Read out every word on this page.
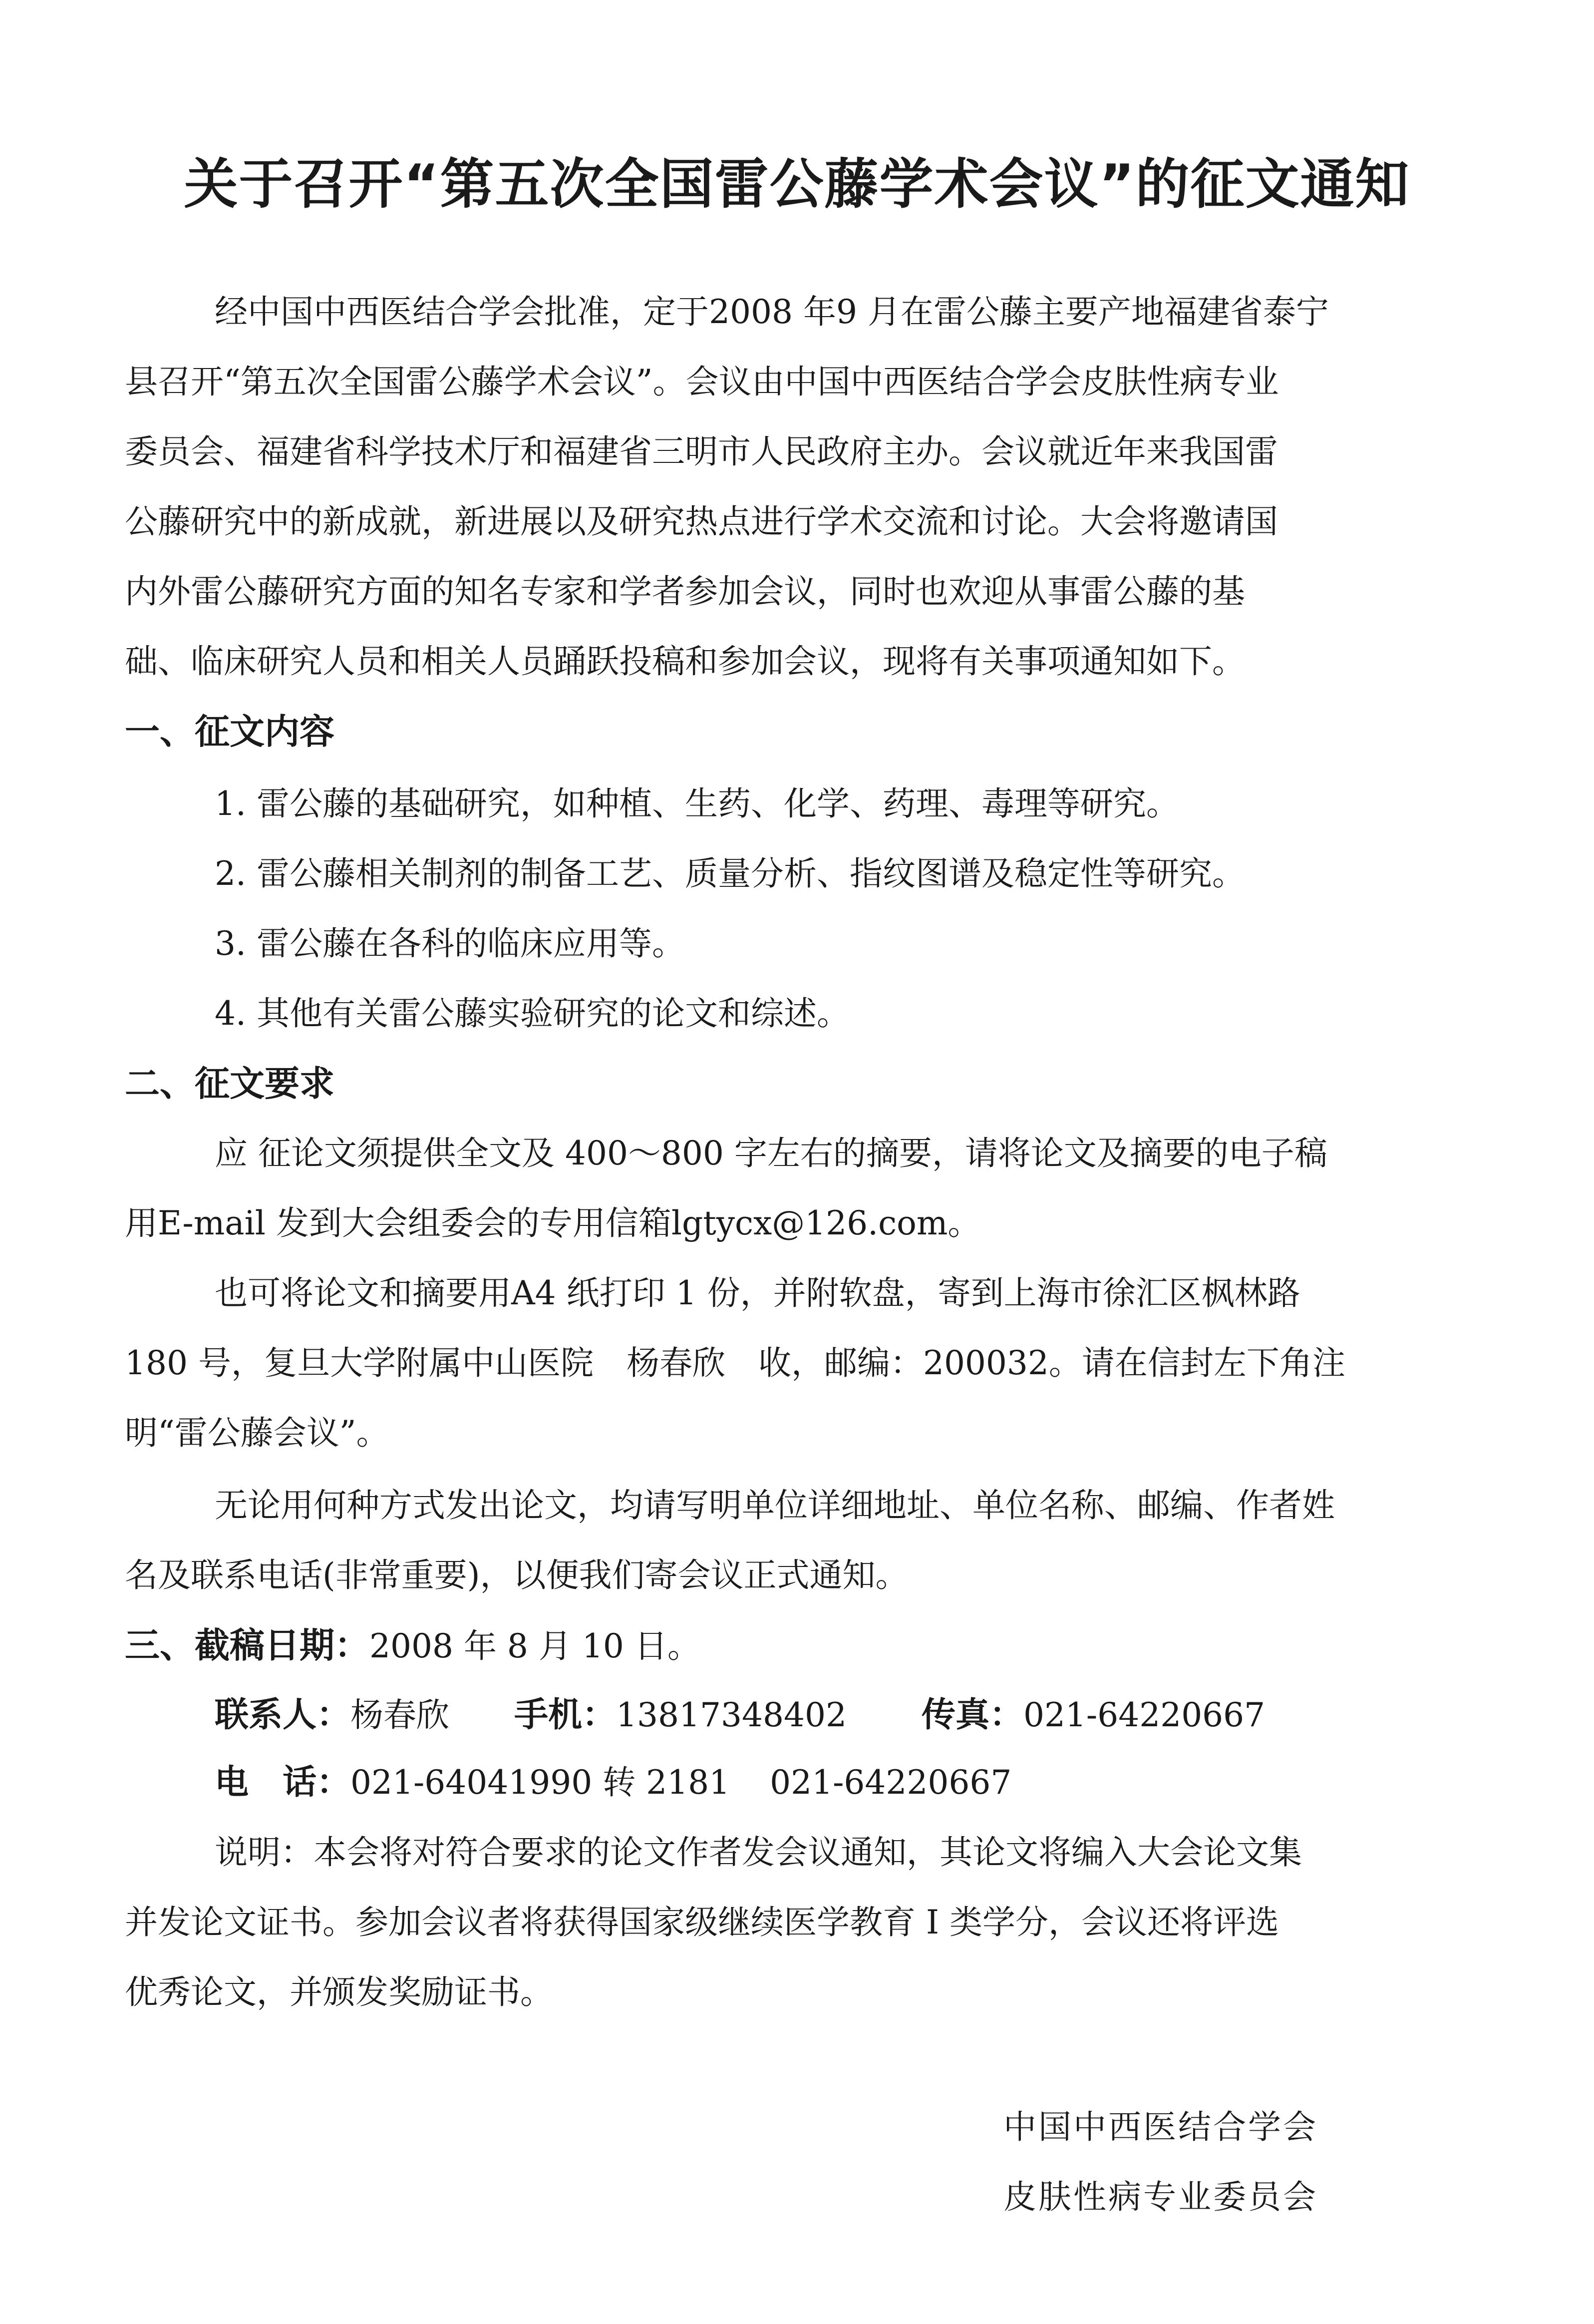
关于召开“第五次全国雷公藤学术会议”的征文通知
经中国中西医结合学会批准，定于2008 年9 月在雷公藤主要产地福建省泰宁
县召开“第五次全国雷公藤学术会议”。会议由中国中西医结合学会皮肤性病专业
委员会、福建省科学技术厅和福建省三明市人民政府主办。会议就近年来我国雷
公藤研究中的新成就，新进展以及研究热点进行学术交流和讨论。大会将邀请国
内外雷公藤研究方面的知名专家和学者参加会议，同时也欢迎从事雷公藤的基
础、临床研究人员和相关人员踊跃投稿和参加会议，现将有关事项通知如下。
一、征文内容
1. 雷公藤的基础研究，如种植、生药、化学、药理、毒理等研究。
2. 雷公藤相关制剂的制备工艺、质量分析、指纹图谱及稳定性等研究。
3. 雷公藤在各科的临床应用等。
4. 其他有关雷公藤实验研究的论文和综述。
二、征文要求
应 征论文须提供全文及 400～800 字左右的摘要，请将论文及摘要的电子稿
用E-mail 发到大会组委会的专用信箱lgtycx@126.com。
也可将论文和摘要用A4 纸打印 1 份，并附软盘，寄到上海市徐汇区枫林路
180 号，复旦大学附属中山医院　杨春欣　收，邮编：200032。请在信封左下角注
明“雷公藤会议”。
无论用何种方式发出论文，均请写明单位详细地址、单位名称、邮编、作者姓
名及联系电话(非常重要)，以便我们寄会议正式通知。
三、截稿日期：2008 年 8 月 10 日。
联系人：杨春欣 手机：13817348402 传真：021-64220667
电　话：021-64041990 转 2181 021-64220667
说明：本会将对符合要求的论文作者发会议通知，其论文将编入大会论文集
并发论文证书。参加会议者将获得国家级继续医学教育 I 类学分，会议还将评选
优秀论文，并颁发奖励证书。
中国中西医结合学会
皮肤性病专业委员会
